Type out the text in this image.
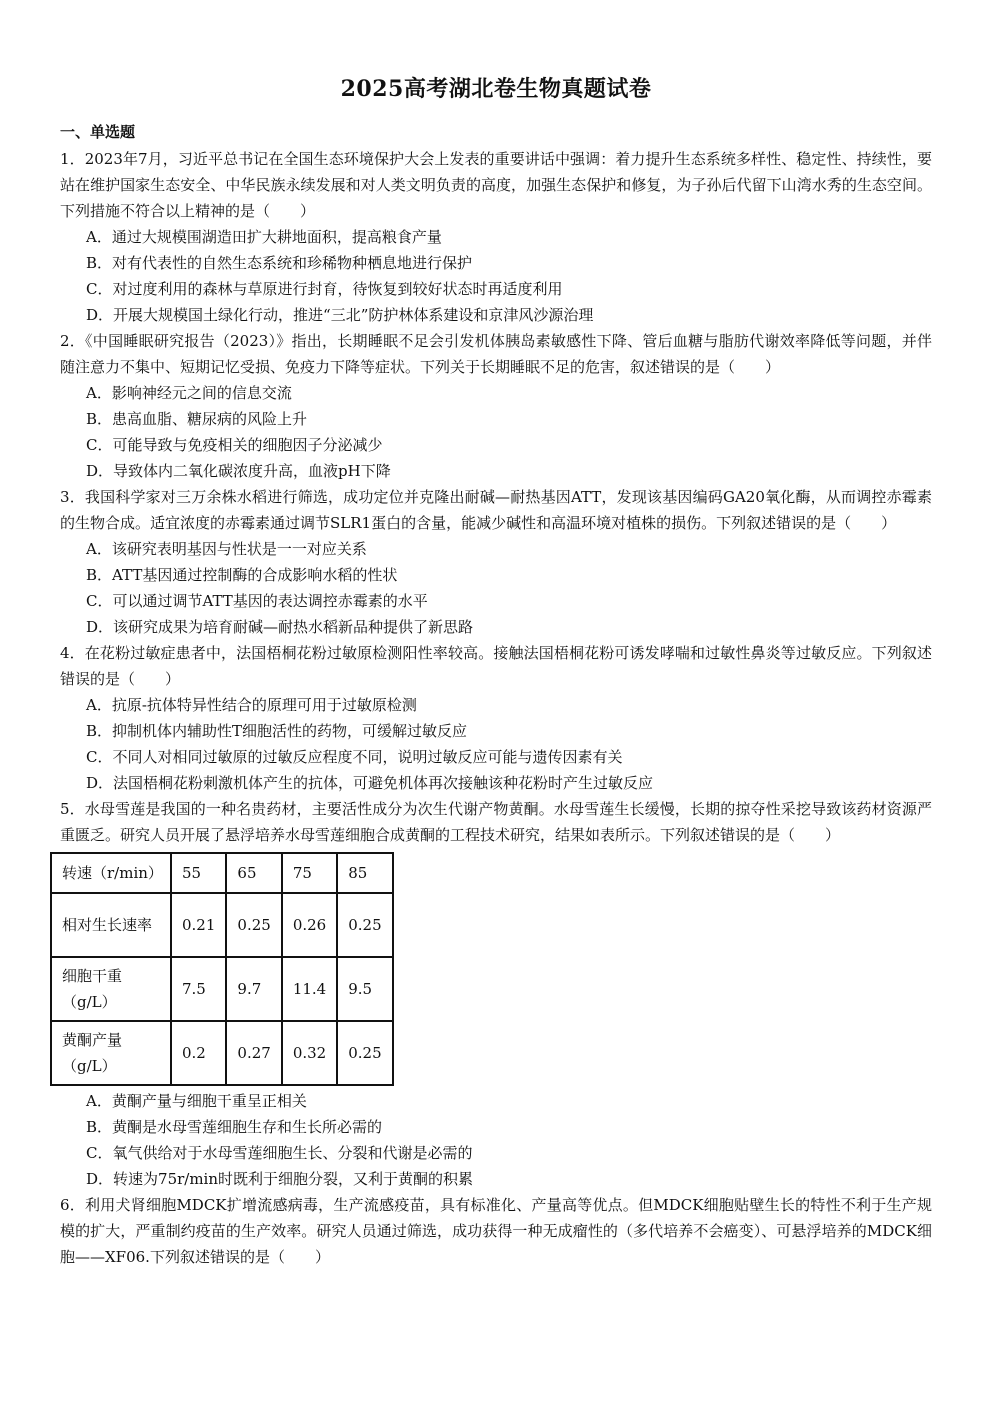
2025高考湖北卷生物真题试卷
一、单选题

1．2023年7月，习近平总书记在全国生态环境保护大会上发表的重要讲话中强调：着力提升生态系统多样性、稳定性、持续性，要站在维护国家生态安全、中华民族永续发展和对人类文明负责的高度，加强生态保护和修复，为子孙后代留下山湾水秀的生态空间。下列措施不符合以上精神的是（　　）

A．通过大规模围湖造田扩大耕地面积，提高粮食产量

B．对有代表性的自然生态系统和珍稀物种栖息地进行保护

C．对过度利用的森林与草原进行封育，待恢复到较好状态时再适度利用

D．开展大规模国土绿化行动，推进“三北”防护林体系建设和京津风沙源治理

2．《中国睡眠研究报告（2023）》指出，长期睡眠不足会引发机体胰岛素敏感性下降、管后血糖与脂肪代谢效率降低等问题，并伴随注意力不集中、短期记忆受损、免疫力下降等症状。下列关于长期睡眠不足的危害，叙述错误的是（　　）

A．影响神经元之间的信息交流

B．患高血脂、糖尿病的风险上升

C．可能导致与免疫相关的细胞因子分泌减少

D．导致体内二氧化碳浓度升高，血液pH下降

3．我国科学家对三万余株水稻进行筛选，成功定位并克隆出耐碱—耐热基因ATT，发现该基因编码GA20氧化酶，从而调控赤霉素的生物合成。适宜浓度的赤霉素通过调节SLR1蛋白的含量，能减少碱性和高温环境对植株的损伤。下列叙述错误的是（　　）

A．该研究表明基因与性状是一一对应关系

B．ATT基因通过控制酶的合成影响水稻的性状

C．可以通过调节ATT基因的表达调控赤霉素的水平

D．该研究成果为培育耐碱—耐热水稻新品种提供了新思路

4．在花粉过敏症患者中，法国梧桐花粉过敏原检测阳性率较高。接触法国梧桐花粉可诱发哮喘和过敏性鼻炎等过敏反应。下列叙述错误的是（　　）

A．抗原-抗体特异性结合的原理可用于过敏原检测

B．抑制机体内辅助性T细胞活性的药物，可缓解过敏反应

C．不同人对相同过敏原的过敏反应程度不同，说明过敏反应可能与遗传因素有关

D．法国梧桐花粉刺激机体产生的抗体，可避免机体再次接触该种花粉时产生过敏反应

5．水母雪莲是我国的一种名贵药材，主要活性成分为次生代谢产物黄酮。水母雪莲生长缓慢，长期的掠夺性采挖导致该药材资源严重匮乏。研究人员开展了悬浮培养水母雪莲细胞合成黄酮的工程技术研究，结果如表所示。下列叙述错误的是（　　）

转速（r/min）	55	65	75	85
相对生长速率	0.21	0.25	0.26	0.25
细胞干重（g/L）	7.5	9.7	11.4	9.5
黄酮产量（g/L）	0.2	0.27	0.32	0.25

A．黄酮产量与细胞干重呈正相关

B．黄酮是水母雪莲细胞生存和生长所必需的

C．氧气供给对于水母雪莲细胞生长、分裂和代谢是必需的

D．转速为75r/min时既利于细胞分裂，又利于黄酮的积累

6．利用犬肾细胞MDCK扩增流感病毒，生产流感疫苗，具有标准化、产量高等优点。但MDCK细胞贴壁生长的特性不利于生产规模的扩大，严重制约疫苗的生产效率。研究人员通过筛选，成功获得一种无成瘤性的（多代培养不会癌变）、可悬浮培养的MDCK细胞——XF06.下列叙述错误的是（　　）
